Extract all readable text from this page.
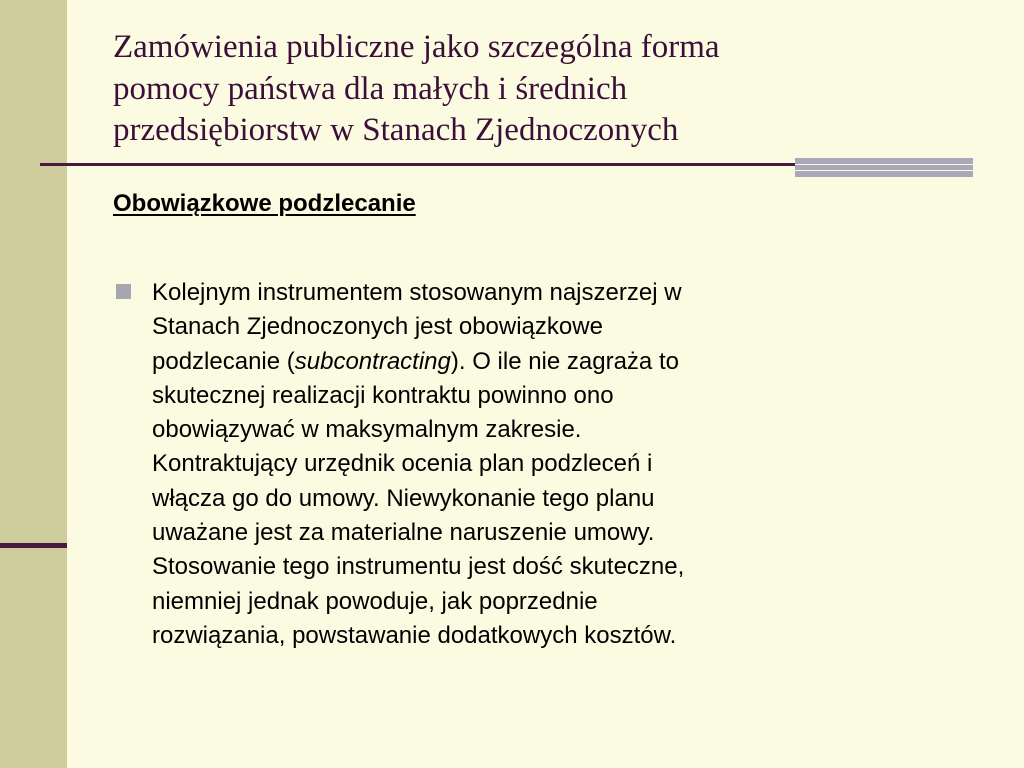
Zamówienia publiczne jako szczególna forma
pomocy państwa dla małych i średnich
przedsiębiorstw w Stanach Zjednoczonych
Obowiązkowe podzlecanie

Kolejnym instrumentem stosowanym najszerzej w
Stanach Zjednoczonych jest obowiązkowe
podzlecanie (subcontracting). O ile nie zagraża to
skutecznej realizacji kontraktu powinno ono
obowiązywać w maksymalnym zakresie.
Kontraktujący urzędnik ocenia plan podzleceń i
włącza go do umowy. Niewykonanie tego planu
uważane jest za materialne naruszenie umowy.
Stosowanie tego instrumentu jest dość skuteczne,
niemniej jednak powoduje, jak poprzednie
rozwiązania, powstawanie dodatkowych kosztów.
